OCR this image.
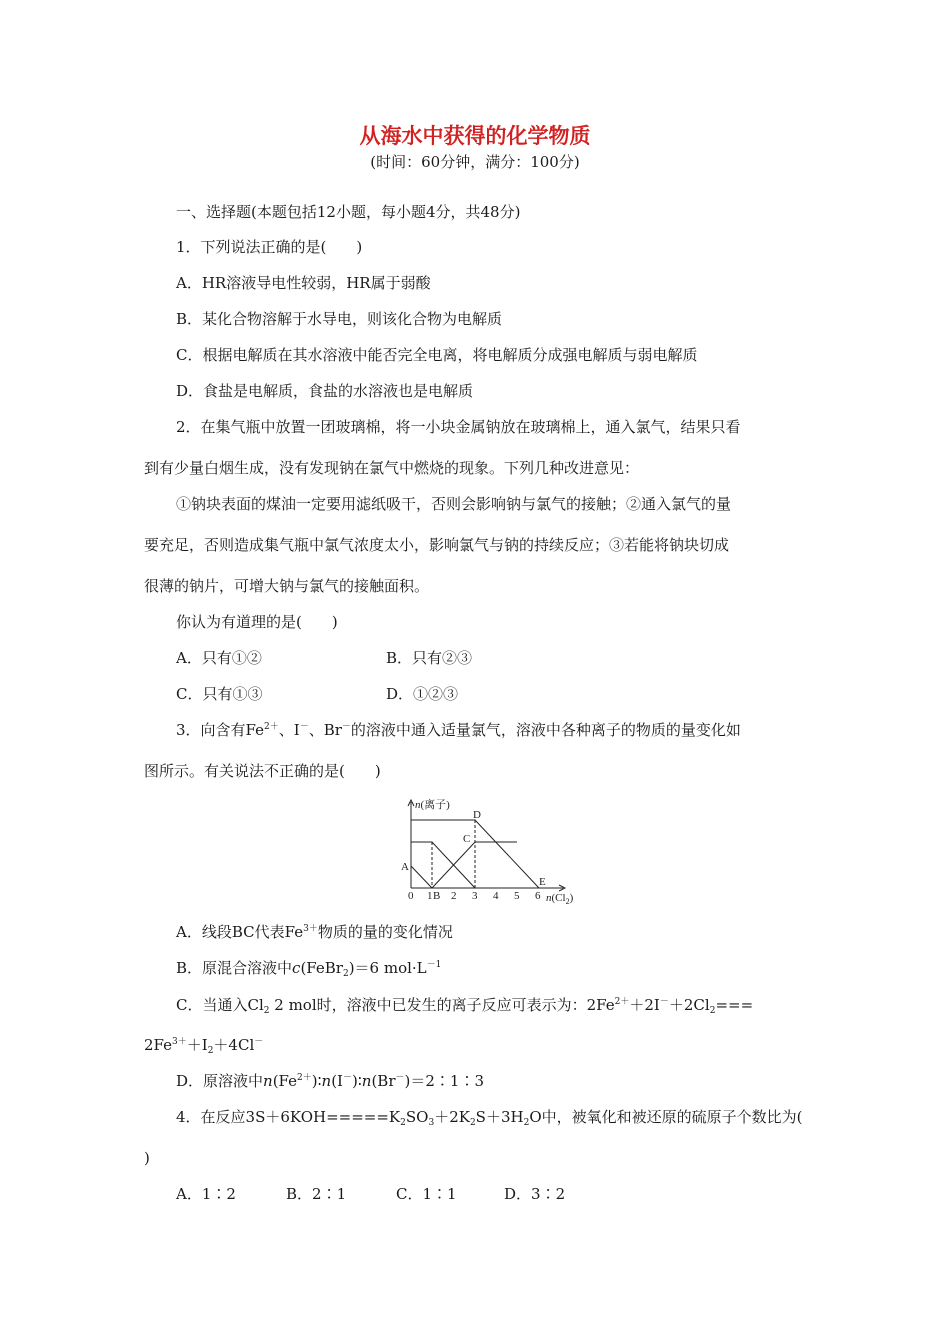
从海水中获得的化学物质
(时间：60分钟，满分：100分)
一、选择题(本题包括12小题，每小题4分，共48分)
1．下列说法正确的是(　　)
A．HR溶液导电性较弱，HR属于弱酸
B．某化合物溶解于水导电，则该化合物为电解质
C．根据电解质在其水溶液中能否完全电离，将电解质分成强电解质与弱电解质
D．食盐是电解质，食盐的水溶液也是电解质
2．在集气瓶中放置一团玻璃棉，将一小块金属钠放在玻璃棉上，通入氯气，结果只看
到有少量白烟生成，没有发现钠在氯气中燃烧的现象。下列几种改进意见：
①钠块表面的煤油一定要用滤纸吸干，否则会影响钠与氯气的接触；②通入氯气的量
要充足，否则造成集气瓶中氯气浓度太小，影响氯气与钠的持续反应；③若能将钠块切成
很薄的钠片，可增大钠与氯气的接触面积。
你认为有道理的是(　　)
A．只有①②	B．只有②③
C．只有①③	D．①②③
3．向含有$Fe^{2+}$、I－、Br－的溶液中通入适量氯气，溶液中各种离子的物质的量变化如
图所示。有关说法不正确的是(　　)
n(离子)
A
B
C
D
E
0 1 2 3 4 5 6 $n(Cl_2)$
A．线段BC代表$Fe^{3+}$物质的量的变化情况
B．原混合溶液中c(FeBr$_2$)＝6 $mol\cdot L^{-1}$
C．当通入$Cl_2$ 2 mol时，溶液中已发生的离子反应可表示为：$2Fe^{2+}+2I^-+2Cl_2===$
$2Fe^{3+}+I_2+4Cl^-$
D．原溶液中$n(Fe^{2+})∶n(I^-)∶n(Br^-)=2∶1∶3$
4．在反应$3S+6KOH=====K_2SO_3+2K_2S+3H_2O$中，被氧化和被还原的硫原子个数比为(
)
A．1∶2	B．2∶1	C．1∶1	D．3∶2
